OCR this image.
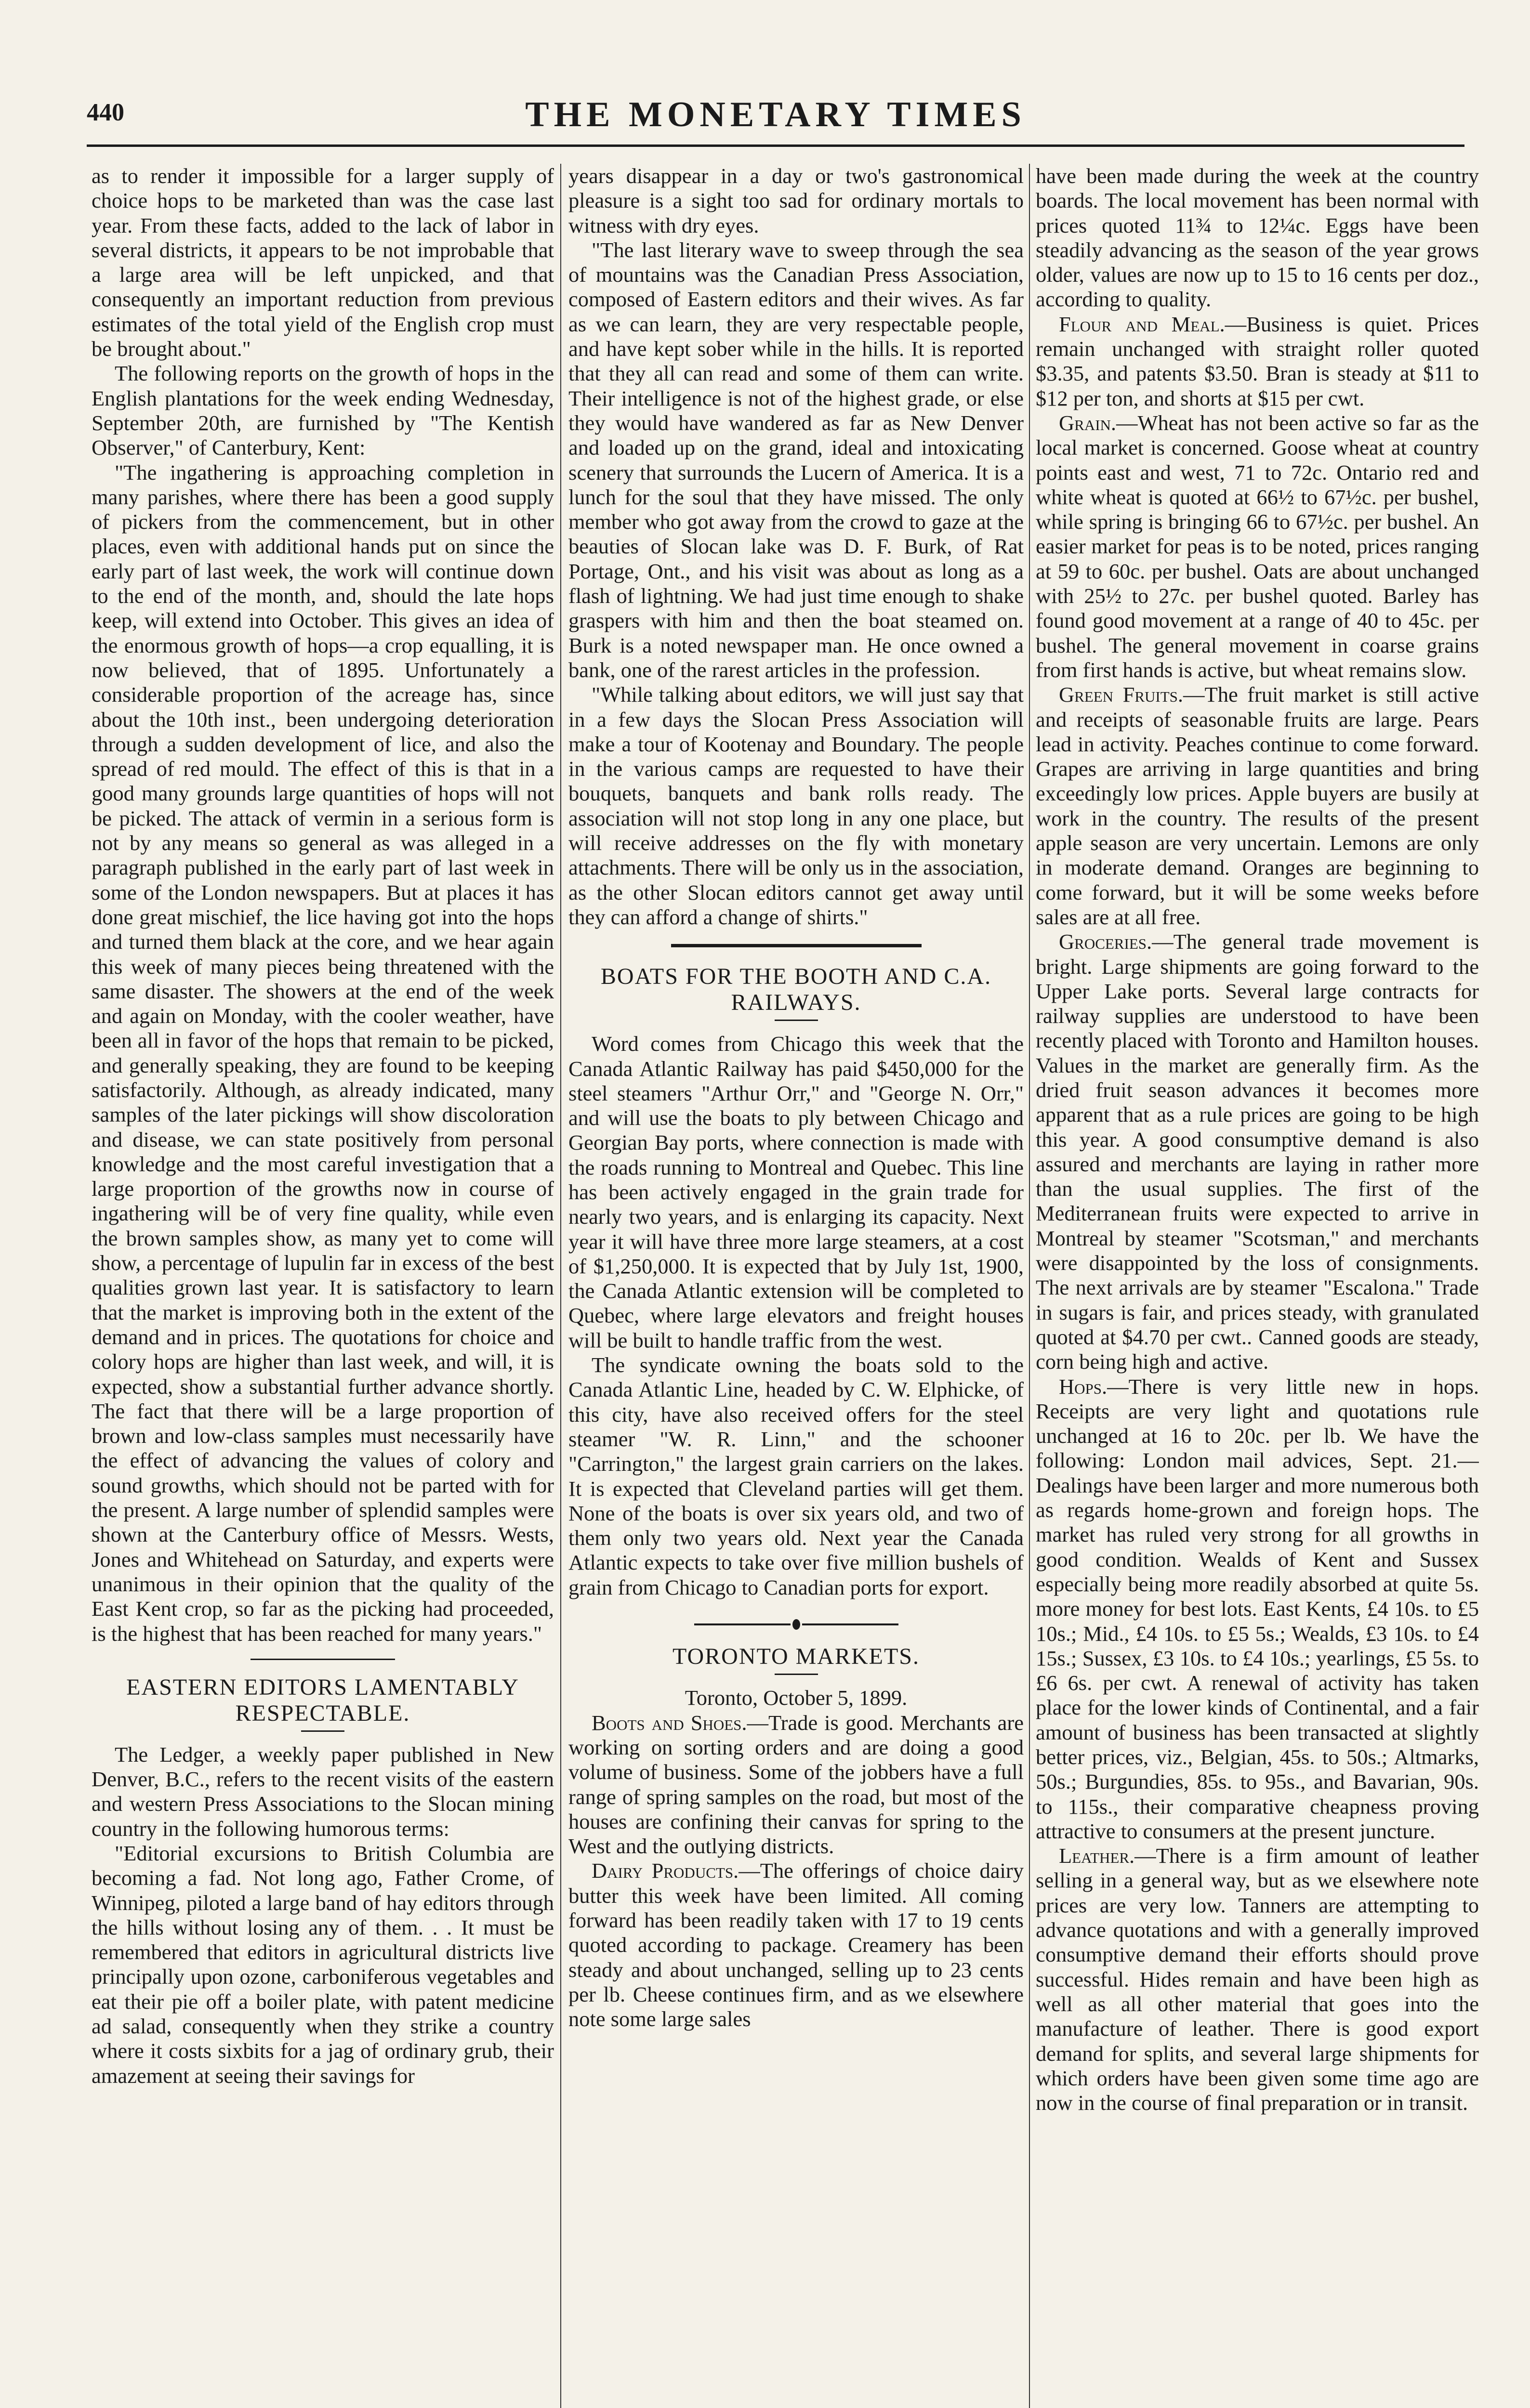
440	THE MONETARY TIMES

as to render it impossible for a larger supply of choice hops to be marketed than was the case last year. From these facts, added to the lack of labor in several districts, it appears to be not improbable that a large area will be left unpicked, and that consequently an important reduction from previous estimates of the total yield of the English crop must be brought about."

The following reports on the growth of hops in the English plantations for the week ending Wednesday, September 20th, are furnished by "The Kentish Observer," of Canterbury, Kent:

"The ingathering is approaching completion in many parishes, where there has been a good supply of pickers from the commencement, but in other places, even with additional hands put on since the early part of last week, the work will continue down to the end of the month, and, should the late hops keep, will extend into October. This gives an idea of the enormous growth of hops—a crop equalling, it is now believed, that of 1895. Unfortunately a considerable proportion of the acreage has, since about the 10th inst., been undergoing deterioration through a sudden development of lice, and also the spread of red mould. The effect of this is that in a good many grounds large quantities of hops will not be picked. The attack of vermin in a serious form is not by any means so general as was alleged in a paragraph published in the early part of last week in some of the London newspapers. But at places it has done great mischief, the lice having got into the hops and turned them black at the core, and we hear again this week of many pieces being threatened with the same disaster. The showers at the end of the week and again on Monday, with the cooler weather, have been all in favor of the hops that remain to be picked, and generally speaking, they are found to be keeping satisfactorily. Although, as already indicated, many samples of the later pickings will show discoloration and disease, we can state positively from personal knowledge and the most careful investigation that a large proportion of the growths now in course of ingathering will be of very fine quality, while even the brown samples show, as many yet to come will show, a percentage of lupulin far in excess of the best qualities grown last year. It is satisfactory to learn that the market is improving both in the extent of the demand and in prices. The quotations for choice and colory hops are higher than last week, and will, it is expected, show a substantial further advance shortly. The fact that there will be a large proportion of brown and low-class samples must necessarily have the effect of advancing the values of colory and sound growths, which should not be parted with for the present. A large number of splendid samples were shown at the Canterbury office of Messrs. Wests, Jones and Whitehead on Saturday, and experts were unanimous in their opinion that the quality of the East Kent crop, so far as the picking had proceeded, is the highest that has been reached for many years."

EASTERN EDITORS LAMENTABLY RESPECTABLE.

The Ledger, a weekly paper published in New Denver, B.C., refers to the recent visits of the eastern and western Press Associations to the Slocan mining country in the following humorous terms:

"Editorial excursions to British Columbia are becoming a fad. Not long ago, Father Crome, of Winnipeg, piloted a large band of hay editors through the hills without losing any of them. . . It must be remembered that editors in agricultural districts live principally upon ozone, carboniferous vegetables and eat their pie off a boiler plate, with patent medicine ad salad, consequently when they strike a country where it costs sixbits for a jag of ordinary grub, their amazement at seeing their savings for

years disappear in a day or two's gastronomical pleasure is a sight too sad for ordinary mortals to witness with dry eyes.

"The last literary wave to sweep through the sea of mountains was the Canadian Press Association, composed of Eastern editors and their wives. As far as we can learn, they are very respectable people, and have kept sober while in the hills. It is reported that they all can read and some of them can write. Their intelligence is not of the highest grade, or else they would have wandered as far as New Denver and loaded up on the grand, ideal and intoxicating scenery that surrounds the Lucern of America. It is a lunch for the soul that they have missed. The only member who got away from the crowd to gaze at the beauties of Slocan lake was D. F. Burk, of Rat Portage, Ont., and his visit was about as long as a flash of lightning. We had just time enough to shake graspers with him and then the boat steamed on. Burk is a noted newspaper man. He once owned a bank, one of the rarest articles in the profession.

"While talking about editors, we will just say that in a few days the Slocan Press Association will make a tour of Kootenay and Boundary. The people in the various camps are requested to have their bouquets, banquets and bank rolls ready. The association will not stop long in any one place, but will receive addresses on the fly with monetary attachments. There will be only us in the association, as the other Slocan editors cannot get away until they can afford a change of shirts."

BOATS FOR THE BOOTH AND C.A. RAILWAYS.

Word comes from Chicago this week that the Canada Atlantic Railway has paid $450,000 for the steel steamers "Arthur Orr," and "George N. Orr," and will use the boats to ply between Chicago and Georgian Bay ports, where connection is made with the roads running to Montreal and Quebec. This line has been actively engaged in the grain trade for nearly two years, and is enlarging its capacity. Next year it will have three more large steamers, at a cost of $1,250,000. It is expected that by July 1st, 1900, the Canada Atlantic extension will be completed to Quebec, where large elevators and freight houses will be built to handle traffic from the west.

The syndicate owning the boats sold to the Canada Atlantic Line, headed by C. W. Elphicke, of this city, have also received offers for the steel steamer "W. R. Linn," and the schooner "Carrington," the largest grain carriers on the lakes. It is expected that Cleveland parties will get them. None of the boats is over six years old, and two of them only two years old. Next year the Canada Atlantic expects to take over five million bushels of grain from Chicago to Canadian ports for export.

TORONTO MARKETS.

Toronto, October 5, 1899.

Boots and Shoes.—Trade is good. Merchants are working on sorting orders and are doing a good volume of business. Some of the jobbers have a full range of spring samples on the road, but most of the houses are confining their canvas for spring to the West and the outlying districts.

Dairy Products.—The offerings of choice dairy butter this week have been limited. All coming forward has been readily taken with 17 to 19 cents quoted according to package. Creamery has been steady and about unchanged, selling up to 23 cents per lb. Cheese continues firm, and as we elsewhere note some large sales

have been made during the week at the country boards. The local movement has been normal with prices quoted 11¾ to 12¼c. Eggs have been steadily advancing as the season of the year grows older, values are now up to 15 to 16 cents per doz., according to quality.

Flour and Meal.—Business is quiet. Prices remain unchanged with straight roller quoted $3.35, and patents $3.50. Bran is steady at $11 to $12 per ton, and shorts at $15 per cwt.

Grain.—Wheat has not been active so far as the local market is concerned. Goose wheat at country points east and west, 71 to 72c. Ontario red and white wheat is quoted at 66½ to 67½c. per bushel, while spring is bringing 66 to 67½c. per bushel. An easier market for peas is to be noted, prices ranging at 59 to 60c. per bushel. Oats are about unchanged with 25½ to 27c. per bushel quoted. Barley has found good movement at a range of 40 to 45c. per bushel. The general movement in coarse grains from first hands is active, but wheat remains slow.

Green Fruits.—The fruit market is still active and receipts of seasonable fruits are large. Pears lead in activity. Peaches continue to come forward. Grapes are arriving in large quantities and bring exceedingly low prices. Apple buyers are busily at work in the country. The results of the present apple season are very uncertain. Lemons are only in moderate demand. Oranges are beginning to come forward, but it will be some weeks before sales are at all free.

Groceries.—The general trade movement is bright. Large shipments are going forward to the Upper Lake ports. Several large contracts for railway supplies are understood to have been recently placed with Toronto and Hamilton houses. Values in the market are generally firm. As the dried fruit season advances it becomes more apparent that as a rule prices are going to be high this year. A good consumptive demand is also assured and merchants are laying in rather more than the usual supplies. The first of the Mediterranean fruits were expected to arrive in Montreal by steamer "Scotsman," and merchants were disappointed by the loss of consignments. The next arrivals are by steamer "Escalona." Trade in sugars is fair, and prices steady, with granulated quoted at $4.70 per cwt.. Canned goods are steady, corn being high and active.

Hops.—There is very little new in hops. Receipts are very light and quotations rule unchanged at 16 to 20c. per lb. We have the following: London mail advices, Sept. 21.—Dealings have been larger and more numerous both as regards home-grown and foreign hops. The market has ruled very strong for all growths in good condition. Wealds of Kent and Sussex especially being more readily absorbed at quite 5s. more money for best lots. East Kents, £4 10s. to £5 10s.; Mid., £4 10s. to £5 5s.; Wealds, £3 10s. to £4 15s.; Sussex, £3 10s. to £4 10s.; yearlings, £5 5s. to £6 6s. per cwt. A renewal of activity has taken place for the lower kinds of Continental, and a fair amount of business has been transacted at slightly better prices, viz., Belgian, 45s. to 50s.; Altmarks, 50s.; Burgundies, 85s. to 95s., and Bavarian, 90s. to 115s., their comparative cheapness proving attractive to consumers at the present juncture.

Leather.—There is a firm amount of leather selling in a general way, but as we elsewhere note prices are very low. Tanners are attempting to advance quotations and with a generally improved consumptive demand their efforts should prove successful. Hides remain and have been high as well as all other material that goes into the manufacture of leather. There is good export demand for splits, and several large shipments for which orders have been given some time ago are now in the course of final preparation or in transit.
